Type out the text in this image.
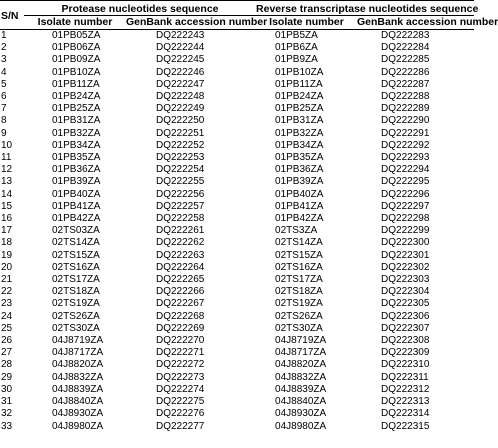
S/N	Protease nucleotides sequence		Reverse transcriptase nucleotides sequence	
	Isolate number	GenBank accession number	Isolate number	GenBank accession number
1	01PB05ZA	DQ222243	01PB5ZA	DQ222283
2	01PB06ZA	DQ222244	01PB6ZA	DQ222284
3	01PB09ZA	DQ222245	01PB9ZA	DQ222285
4	01PB10ZA	DQ222246	01PB10ZA	DQ222286
5	01PB11ZA	DQ222247	01PB11ZA	DQ222287
6	01PB24ZA	DQ222248	01PB24ZA	DQ222288
7	01PB25ZA	DQ222249	01PB25ZA	DQ222289
8	01PB31ZA	DQ222250	01PB31ZA	DQ222290
9	01PB32ZA	DQ222251	01PB32ZA	DQ222291
10	01PB34ZA	DQ222252	01PB34ZA	DQ222292
11	01PB35ZA	DQ222253	01PB35ZA	DQ222293
12	01PB36ZA	DQ222254	01PB36ZA	DQ222294
13	01PB39ZA	DQ222255	01PB39ZA	DQ222295
14	01PB40ZA	DQ222256	01PB40ZA	DQ222296
15	01PB41ZA	DQ222257	01PB41ZA	DQ222297
16	01PB42ZA	DQ222258	01PB42ZA	DQ222298
17	02TS03ZA	DQ222261	02TS3ZA	DQ222299
18	02TS14ZA	DQ222262	02TS14ZA	DQ222300
19	02TS15ZA	DQ222263	02TS15ZA	DQ222301
20	02TS16ZA	DQ222264	02TS16ZA	DQ222302
21	02TS17ZA	DQ222265	02TS17ZA	DQ222303
22	02TS18ZA	DQ222266	02TS18ZA	DQ222304
23	02TS19ZA	DQ222267	02TS19ZA	DQ222305
24	02TS26ZA	DQ222268	02TS26ZA	DQ222306
25	02TS30ZA	DQ222269	02TS30ZA	DQ222307
26	04J8719ZA	DQ222270	04J8719ZA	DQ222308
27	04J8717ZA	DQ222271	04J8717ZA	DQ222309
28	04J8820ZA	DQ222272	04J8820ZA	DQ222310
29	04J8832ZA	DQ222273	04J8832ZA	DQ222311
30	04J8839ZA	DQ222274	04J8839ZA	DQ222312
31	04J8840ZA	DQ222275	04J8840ZA	DQ222313
32	04J8930ZA	DQ222276	04J8930ZA	DQ222314
33	04J8980ZA	DQ222277	04J8980ZA	DQ222315
